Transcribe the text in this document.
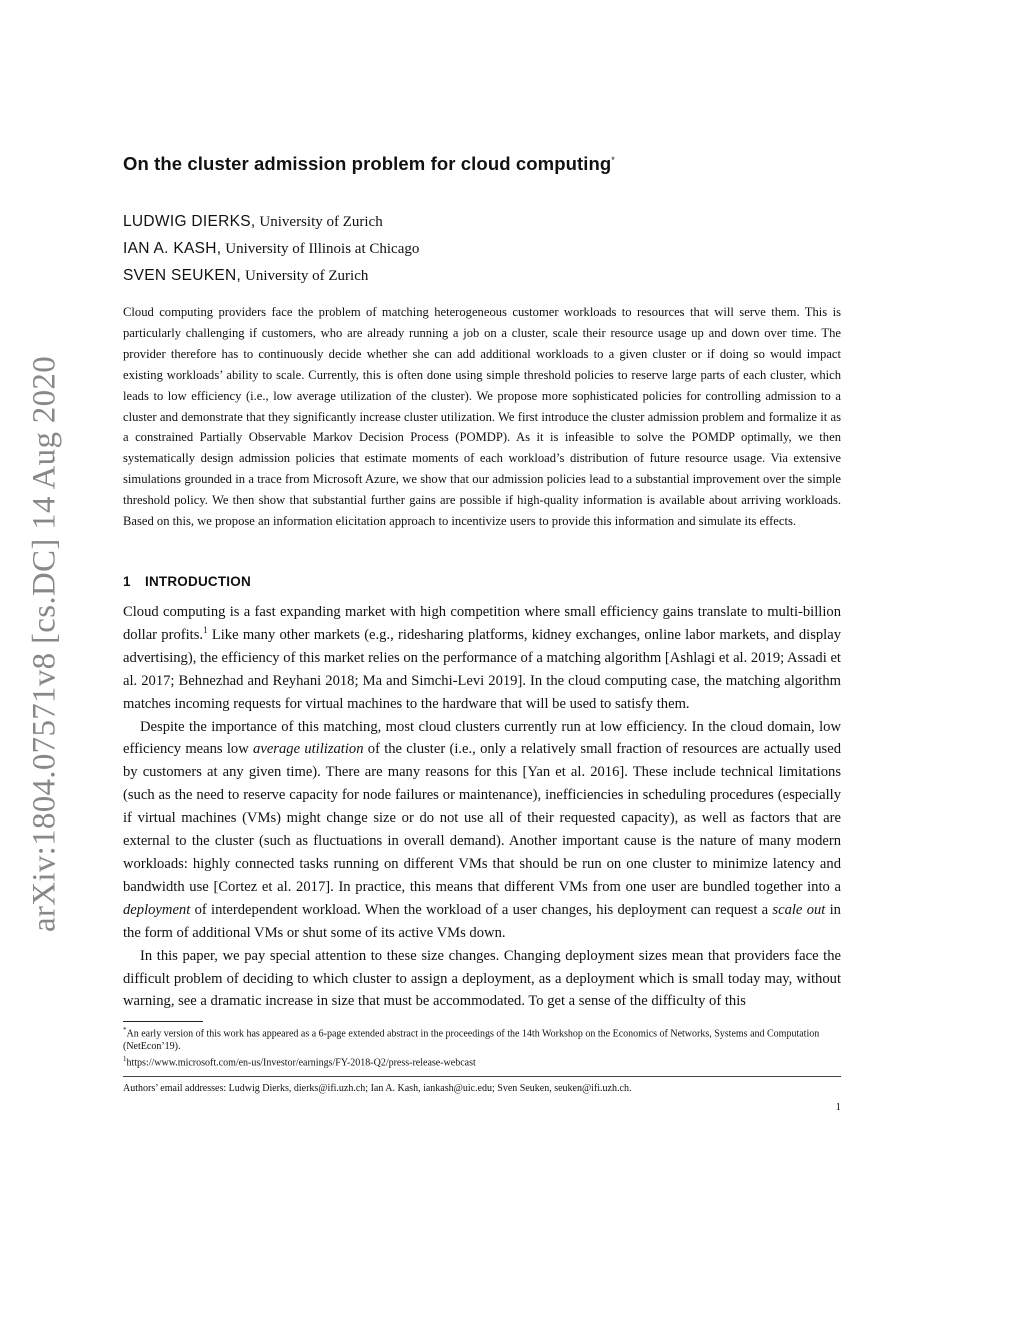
arXiv:1804.07571v8 [cs.DC] 14 Aug 2020
On the cluster admission problem for cloud computing*
LUDWIG DIERKS, University of Zurich
IAN A. KASH, University of Illinois at Chicago
SVEN SEUKEN, University of Zurich
Cloud computing providers face the problem of matching heterogeneous customer workloads to resources that will serve them. This is particularly challenging if customers, who are already running a job on a cluster, scale their resource usage up and down over time. The provider therefore has to continuously decide whether she can add additional workloads to a given cluster or if doing so would impact existing workloads’ ability to scale. Currently, this is often done using simple threshold policies to reserve large parts of each cluster, which leads to low efficiency (i.e., low average utilization of the cluster). We propose more sophisticated policies for controlling admission to a cluster and demonstrate that they significantly increase cluster utilization. We first introduce the cluster admission problem and formalize it as a constrained Partially Observable Markov Decision Process (POMDP). As it is infeasible to solve the POMDP optimally, we then systematically design admission policies that estimate moments of each workload’s distribution of future resource usage. Via extensive simulations grounded in a trace from Microsoft Azure, we show that our admission policies lead to a substantial improvement over the simple threshold policy. We then show that substantial further gains are possible if high-quality information is available about arriving workloads. Based on this, we propose an information elicitation approach to incentivize users to provide this information and simulate its effects.
1 INTRODUCTION

Cloud computing is a fast expanding market with high competition where small efficiency gains translate to multi-billion dollar profits.$^1$ Like many other markets (e.g., ridesharing platforms, kidney exchanges, online labor markets, and display advertising), the efficiency of this market relies on the performance of a matching algorithm [Ashlagi et al. 2019; Assadi et al. 2017; Behnezhad and Reyhani 2018; Ma and Simchi-Levi 2019]. In the cloud computing case, the matching algorithm matches incoming requests for virtual machines to the hardware that will be used to satisfy them.

Despite the importance of this matching, most cloud clusters currently run at low efficiency. In the cloud domain, low efficiency means low average utilization of the cluster (i.e., only a relatively small fraction of resources are actually used by customers at any given time). There are many reasons for this [Yan et al. 2016]. These include technical limitations (such as the need to reserve capacity for node failures or maintenance), inefficiencies in scheduling procedures (especially if virtual machines (VMs) might change size or do not use all of their requested capacity), as well as factors that are external to the cluster (such as fluctuations in overall demand). Another important cause is the nature of many modern workloads: highly connected tasks running on different VMs that should be run on one cluster to minimize latency and bandwidth use [Cortez et al. 2017]. In practice, this means that different VMs from one user are bundled together into a deployment of interdependent workload. When the workload of a user changes, his deployment can request a scale out in the form of additional VMs or shut some of its active VMs down.

In this paper, we pay special attention to these size changes. Changing deployment sizes mean that providers face the difficult problem of deciding to which cluster to assign a deployment, as a deployment which is small today may, without warning, see a dramatic increase in size that must be accommodated. To get a sense of the difficulty of this

*An early version of this work has appeared as a 6-page extended abstract in the proceedings of the 14th Workshop on the Economics of Networks, Systems and Computation (NetEcon’19).

$^1$https://www.microsoft.com/en-us/Investor/earnings/FY-2018-Q2/press-release-webcast

Authors’ email addresses: Ludwig Dierks, dierks@ifi.uzh.ch; Ian A. Kash, iankash@uic.edu; Sven Seuken, seuken@ifi.uzh.ch.
1
